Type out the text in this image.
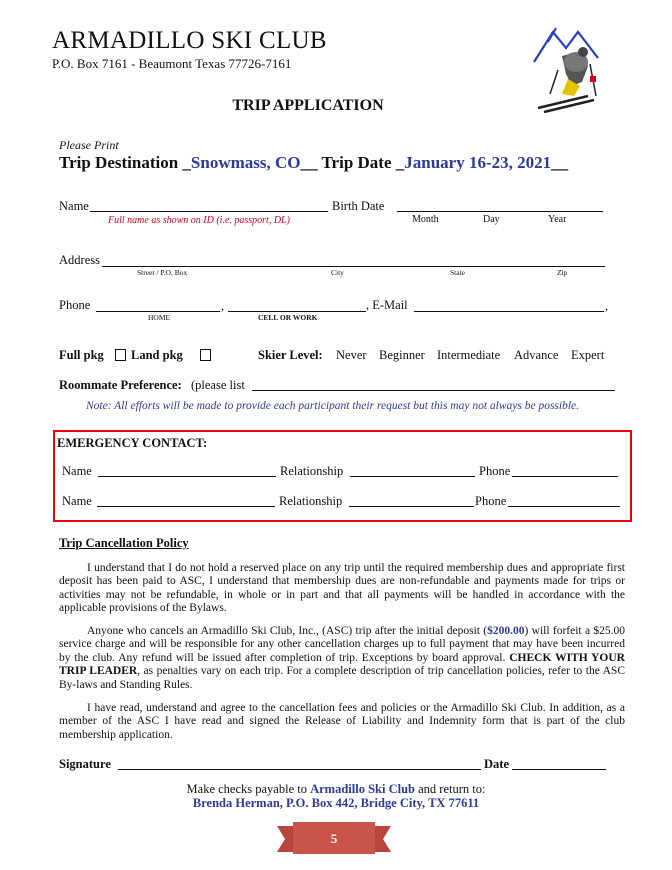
ARMADILLO SKI CLUB
P.O. Box 7161 - Beaumont Texas 77726-7161
TRIP APPLICATION
Please Print
Trip Destination _Snowmass, CO__ Trip Date _January 16-23, 2021__
Name
Full name as shown on ID (i.e. passport, DL)
Birth Date
Month	Day	Year
Address
Street / P.O. Box	City	State	Zip
Phone	,
HOME	CELL OR WORK
, E-Mail	,
Full pkg Land pkg	Skier Level: Never Beginner Intermediate Advance Expert
Roommate Preference: (please list
Note: All efforts will be made to provide each participant their request but this may not always be possible.
EMERGENCY CONTACT:
Name	Relationship	Phone
Name	Relationship	Phone
Trip Cancellation Policy
I understand that I do not hold a reserved place on any trip until the required membership dues and appropriate first deposit has been paid to ASC, I understand that membership dues are non-refundable and payments made for trips or activities may not be refundable, in whole or in part and that all payments will be handled in accordance with the applicable provisions of the Bylaws.
Anyone who cancels an Armadillo Ski Club, Inc., (ASC) trip after the initial deposit ($200.00) will forfeit a $25.00 service charge and will be responsible for any other cancellation charges up to full payment that may have been incurred by the club. Any refund will be issued after completion of trip. Exceptions by board approval. CHECK WITH YOUR TRIP LEADER, as penalties vary on each trip. For a complete description of trip cancellation policies, refer to the ASC By-laws and Standing Rules.
I have read, understand and agree to the cancellation fees and policies or the Armadillo Ski Club. In addition, as a member of the ASC I have read and signed the Release of Liability and Indemnity form that is part of the club membership application.
Signature	Date
Make checks payable to Armadillo Ski Club and return to:
Brenda Herman, P.O. Box 442, Bridge City, TX 77611
5
